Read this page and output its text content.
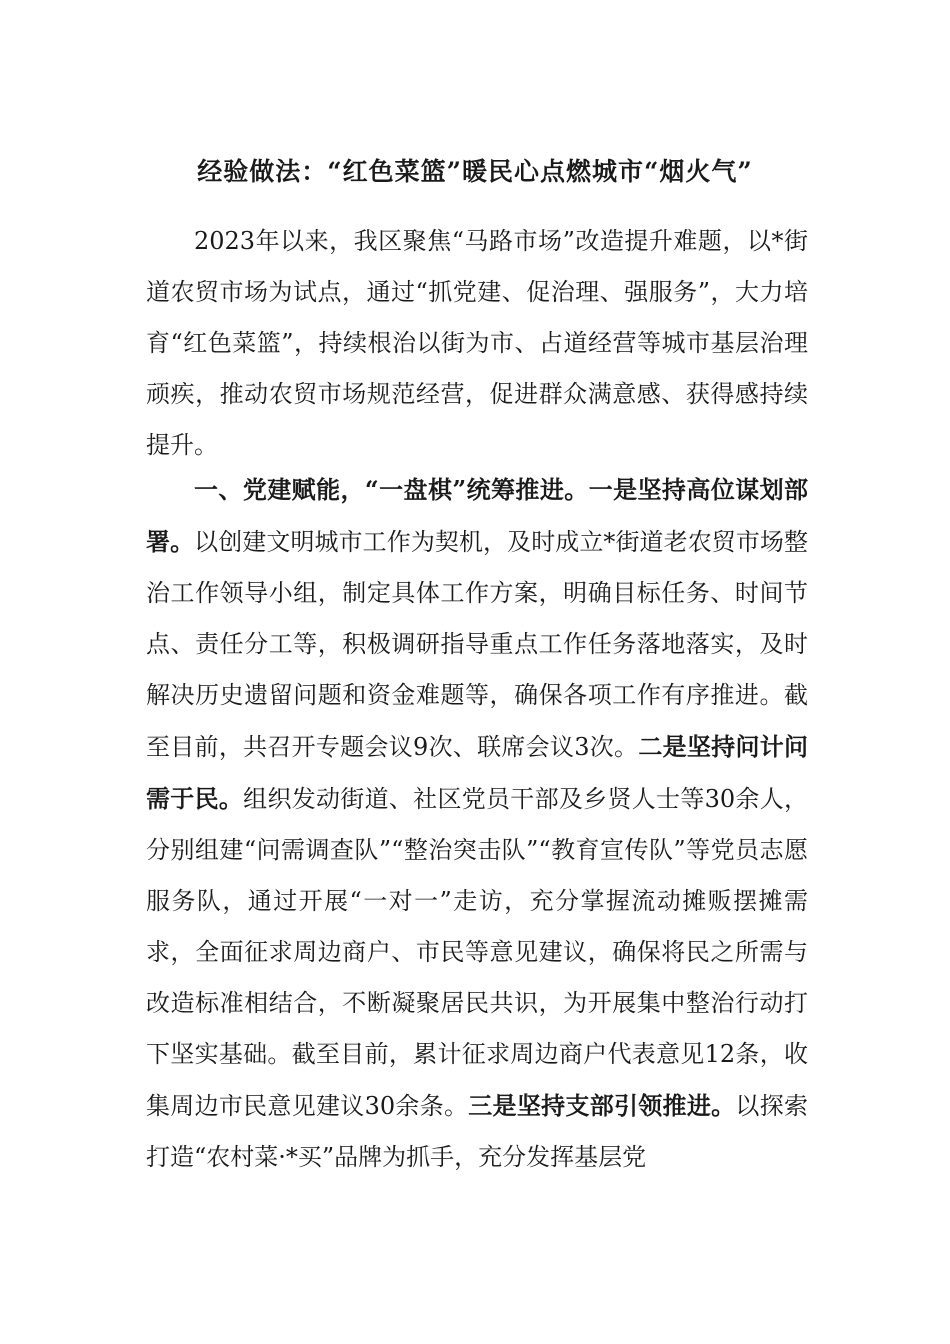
经验做法：“红色菜篮”暖民心点燃城市“烟火气”

2023年以来，我区聚焦“马路市场”改造提升难题，以*街道农贸市场为试点，通过“抓党建、促治理、强服务”，大力培育“红色菜篮”，持续根治以街为市、占道经营等城市基层治理顽疾，推动农贸市场规范经营，促进群众满意感、获得感持续提升。

一、党建赋能，“一盘棋”统筹推进。一是坚持高位谋划部署。以创建文明城市工作为契机，及时成立*街道老农贸市场整治工作领导小组，制定具体工作方案，明确目标任务、时间节点、责任分工等，积极调研指导重点工作任务落地落实，及时解决历史遗留问题和资金难题等，确保各项工作有序推进。截至目前，共召开专题会议9次、联席会议3次。二是坚持问计问需于民。组织发动街道、社区党员干部及乡贤人士等30余人，分别组建“问需调查队”“整治突击队”“教育宣传队”等党员志愿服务队，通过开展“一对一”走访，充分掌握流动摊贩摆摊需求，全面征求周边商户、市民等意见建议，确保将民之所需与改造标准相结合，不断凝聚居民共识，为开展集中整治行动打下坚实基础。截至目前，累计征求周边商户代表意见12条，收集周边市民意见建议30余条。三是坚持支部引领推进。以探索打造“农村菜·*买”品牌为抓手，充分发挥基层党
